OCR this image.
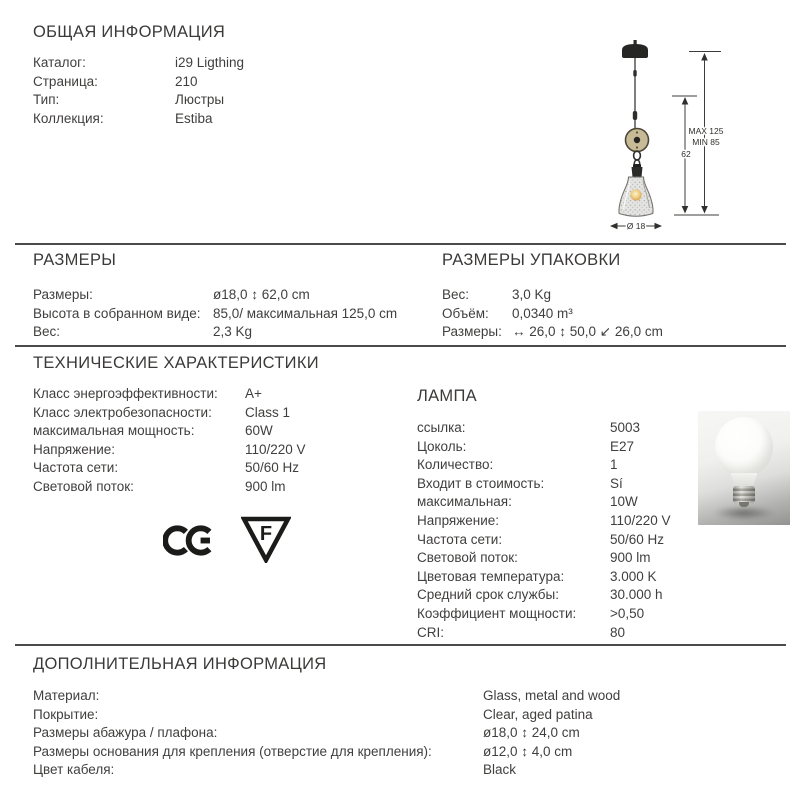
ОБЩАЯ ИНФОРМАЦИЯ
Каталог:	i29 Ligthing
Страница:	210
Тип:	Люстры
Коллекция:	Estiba
MAX 125
MIN 85
62
Ø 18
РАЗМЕРЫ
Размеры:	ø18,0 ↕ 62,0 cm
Высота в собранном виде: 85,0/ максимальная 125,0 cm
Вес:	2,3 Kg
РАЗМЕРЫ УПАКОВКИ
Вес:	3,0 Kg
Объём:	0,0340 m³
Размеры: ↔ 26,0 ↕ 50,0 ↙ 26,0 cm
ТЕХНИЧЕСКИЕ ХАРАКТЕРИСТИКИ
Класс энергоэффективности:	A+
Класс электробезопасности:	Class 1
максимальная мощность:	60W
Напряжение:	110/220 V
Частота сети:	50/60 Hz
Световой поток:	900 lm
F
ЛАМПА
ссылка:	5003
Цоколь:	E27
Количество:	1
Входит в стоимость:	Sí
максимальная:	10W
Напряжение:	110/220 V
Частота сети:	50/60 Hz
Световой поток:	900 lm
Цветовая температура:	3.000 K
Средний срок службы:	30.000 h
Коэффициент мощности:	>0,50
CRI:	80
ДОПОЛНИТЕЛЬНАЯ ИНФОРМАЦИЯ
Материал:	Glass, metal and wood
Покрытие:	Clear, aged patina
Размеры абажура / плафона:	ø18,0 ↕ 24,0 cm
Размеры основания для крепления (отверстие для крепления):	ø12,0 ↕ 4,0 cm
Цвет кабеля:	Black
